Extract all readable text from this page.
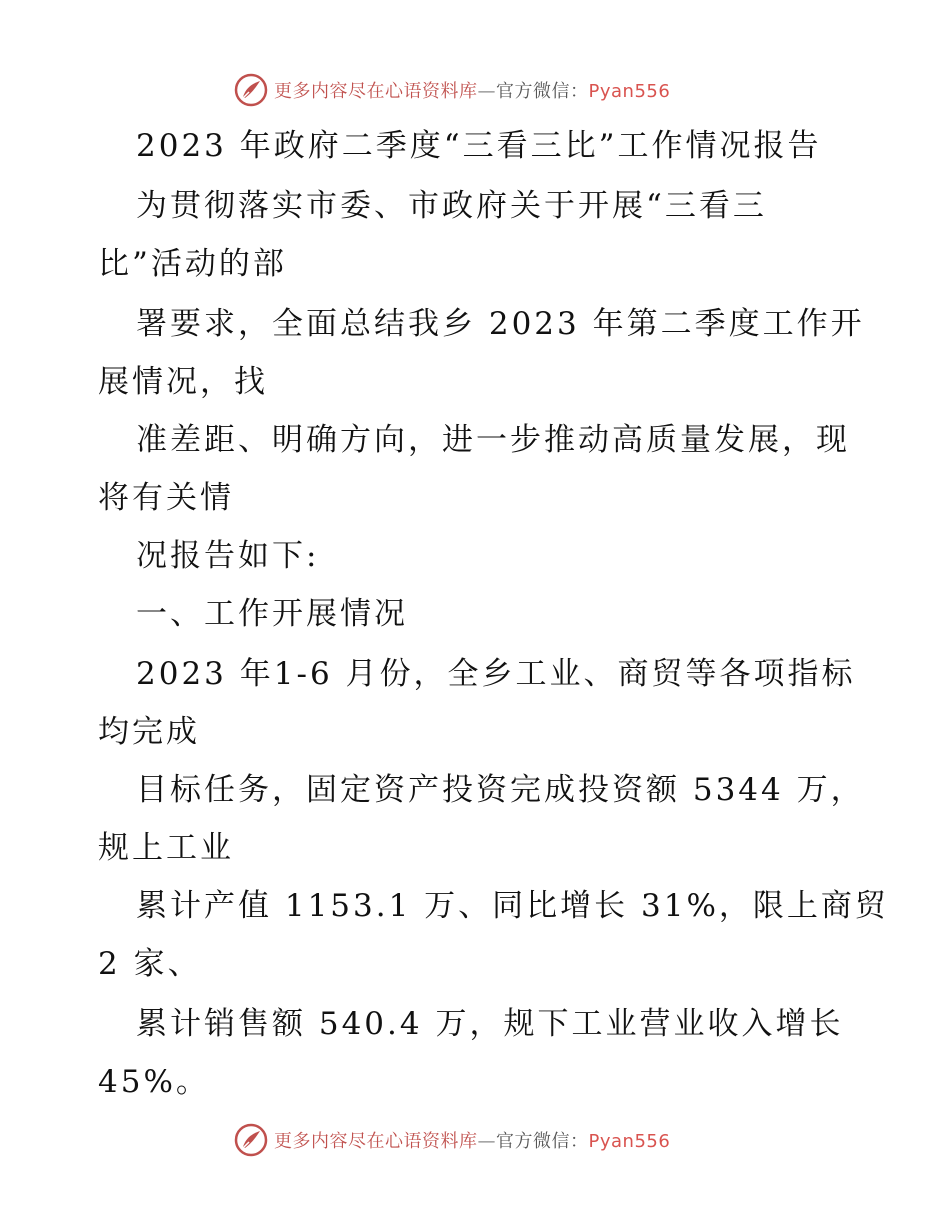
更多内容尽在心语资料库—官方微信：Pyan556
2023 年政府二季度“三看三比”工作情况报告
为贯彻落实市委、市政府关于开展“三看三
比”活动的部
署要求，全面总结我乡 2023 年第二季度工作开
展情况，找
准差距、明确方向，进一步推动高质量发展，现
将有关情
况报告如下:
一、工作开展情况
2023 年1-6 月份，全乡工业、商贸等各项指标
均完成
目标任务，固定资产投资完成投资额 5344 万，
规上工业
累计产值 1153.1 万、同比增长 31%，限上商贸
2 家、
累计销售额 540.4 万，规下工业营业收入增长
45%。
更多内容尽在心语资料库—官方微信：Pyan556
